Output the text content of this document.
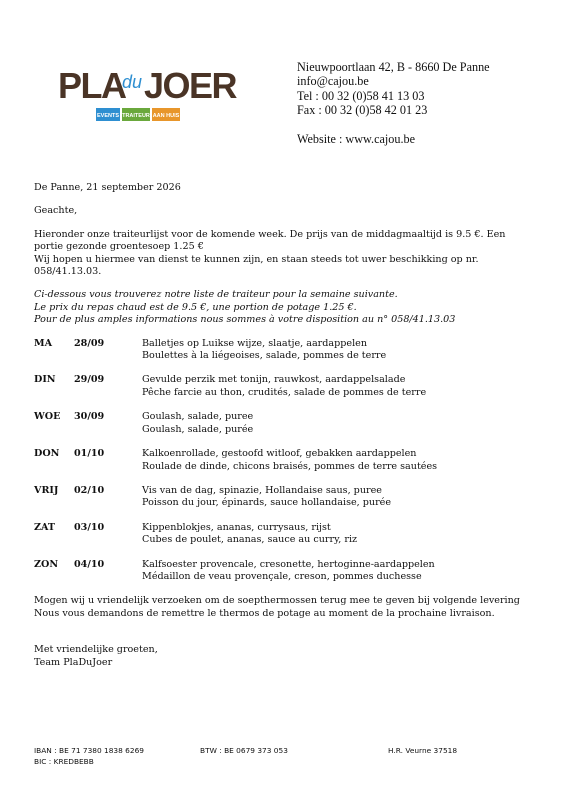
PLA
du JOER
EVENTS TRAITEUR AAN HUIS
Nieuwpoortlaan 42, B - 8660 De Panne
info@cajou.be
Tel : 00 32 (0)58 41 13 03
Fax : 00 32 (0)58 42 01 23
Website : www.cajou.be

De Panne, 21 september 2026

Geachte,

Hieronder onze traiteurlijst voor de komende week. De prijs van de middagmaaltijd is 9.5 €. Een portie gezonde groentesoep 1.25 €

Wij hopen u hiermee van dienst te kunnen zijn, en staan steeds tot uwer beschikking op nr. 058/41.13.03.

Ci-dessous vous trouverez notre liste de traiteur pour la semaine suivante.

Le prix du repas chaud est de 9.5 €, une portion de potage 1.25 €.

Pour de plus amples informations nous sommes à votre disposition au n° 058/41.13.03

MA	28/09	Balletjes op Luikse wijze, slaatje, aardappelen
Boulettes à la liégeoises, salade, pommes de terre
DIN	29/09	Gevulde perzik met tonijn, rauwkost, aardappelsalade
Pêche farcie au thon, crudités, salade de pommes de terre
WOE	30/09	Goulash, salade, puree
Goulash, salade, purée
DON	01/10	Kalkoenrollade, gestoofd witloof, gebakken aardappelen
Roulade de dinde, chicons braisés, pommes de terre sautées
VRIJ	02/10	Vis van de dag, spinazie, Hollandaise saus, puree
Poisson du jour, épinards, sauce hollandaise, purée
ZAT	03/10	Kippenblokjes, ananas, currysaus, rijst
Cubes de poulet, ananas, sauce au curry, riz
ZON	04/10	Kalfsoester provencale, cresonette, hertoginne-aardappelen
Médaillon de veau provençale, creson, pommes duchesse

Mogen wij u vriendelijk verzoeken om de soepthermossen terug mee te geven bij volgende levering

Nous vous demandons de remettre le thermos de potage au moment de la prochaine livraison.

Met vriendelijke groeten,

Team PlaDuJoer

IBAN : BE 71 7380 1838 6269
BIC : KREDBEBB
BTW : BE 0679 373 053	H.R. Veurne 37518
